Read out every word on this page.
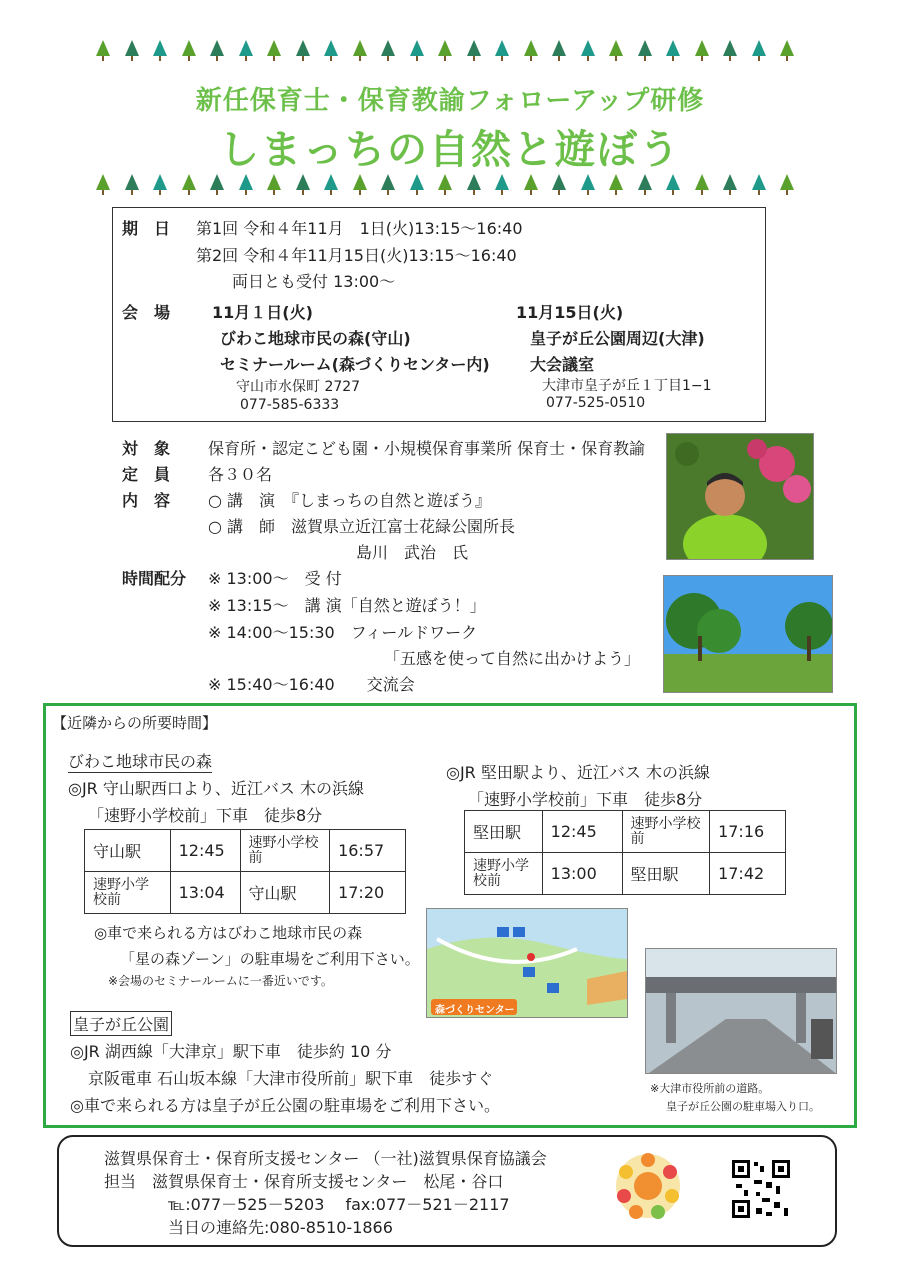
新任保育士・保育教諭フォローアップ研修
しまっちの自然と遊ぼう
期　日 第1回 令和４年11月　1日(火)13:15～16:40
第2回 令和４年11月15日(火)13:15～16:40
両日とも受付 13:00～
会　場	11月１日(火)
びわこ地球市民の森(守山)
セミナールーム(森づくりセンター内)
守山市水保町 2727
077-585-6333
11月15日(火)
皇子が丘公園周辺(大津)
大会議室
大津市皇子が丘１丁目1−1
077-525-0510
対　象 保育所・認定こども園・小規模保育事業所 保育士・保育教諭
定　員 各３０名
内　容 ○ 講　演　『しまっちの自然と遊ぼう』
○ 講　師　滋賀県立近江富士花緑公園所長
島川　武治　氏
時間配分 ※ 13:00～　受 付
※ 13:15～　講 演「自然と遊ぼう！」
※ 14:00～15:30　フィールドワーク
「五感を使って自然に出かけよう」
※ 15:40～16:40　　交流会
【近隣からの所要時間】
びわこ地球市民の森
◎JR 守山駅西口より、近江バス 木の浜線
「速野小学校前」下車　徒歩8分
守山駅	12:45	速野小学校前	16:57
速野小学校前	13:04	守山駅	17:20
◎車で来られる方はびわこ地球市民の森
「星の森ゾーン」の駐車場をご利用下さい。
※会場のセミナールームに一番近いです。
◎JR 堅田駅より、近江バス 木の浜線
「速野小学校前」下車　徒歩8分
堅田駅	12:45	速野小学校前	17:16
速野小学校前	13:00	堅田駅	17:42
森づくりセンター
※大津市役所前の道路。
皇子が丘公園の駐車場入り口。
皇子が丘公園
◎JR 湖西線「大津京」駅下車　徒歩約 10 分
京阪電車 石山坂本線「大津市役所前」駅下車　徒歩すぐ
◎車で来られる方は皇子が丘公園の駐車場をご利用下さい。
滋賀県保育士・保育所支援センター （一社)滋賀県保育協議会
担当　滋賀県保育士・保育所支援センター　松尾・谷口
℡:077－525－5203　 fax:077－521－2117
当日の連絡先:080-8510-1866
